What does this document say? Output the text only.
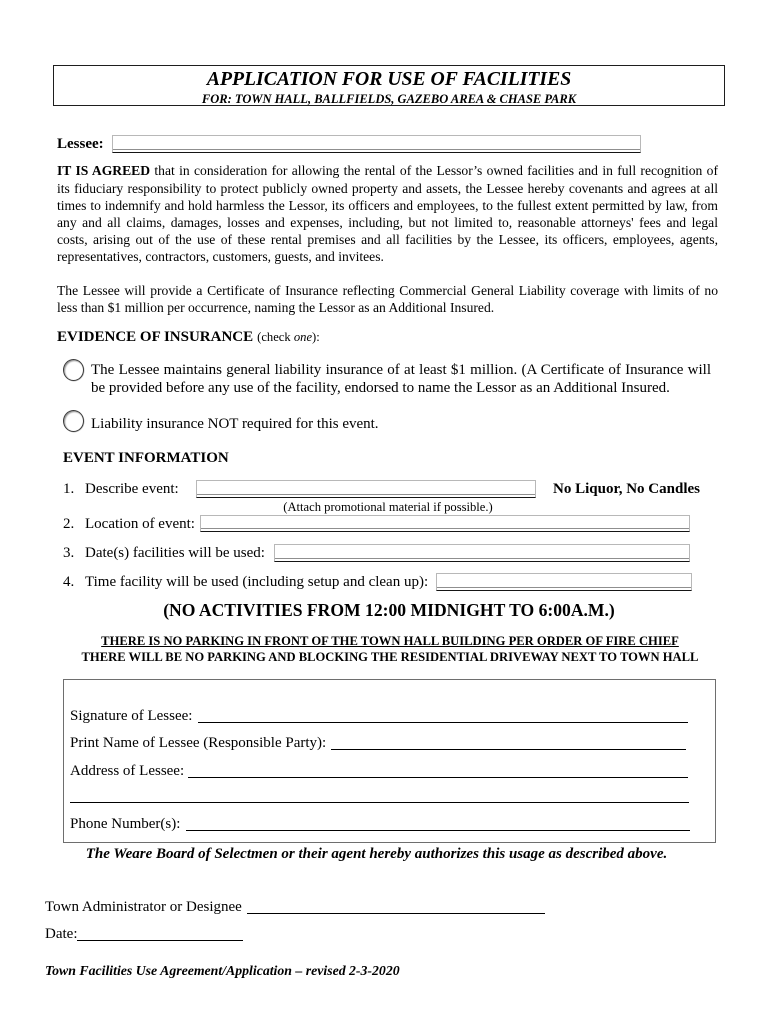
APPLICATION FOR USE OF FACILITIES
FOR: TOWN HALL, BALLFIELDS, GAZEBO AREA & CHASE PARK
Lessee:
IT IS AGREED that in consideration for allowing the rental of the Lessor’s owned facilities and in full recognition of
its fiduciary responsibility to protect publicly owned property and assets, the Lessee hereby covenants and agrees at all
times to indemnify and hold harmless the Lessor, its officers and employees, to the fullest extent permitted by law, from
any and all claims, damages, losses and expenses, including, but not limited to, reasonable attorneys' fees and legal
costs, arising out of the use of these rental premises and all facilities by the Lessee, its officers, employees, agents,
representatives, contractors, customers, guests, and invitees.
The Lessee will provide a Certificate of Insurance reflecting Commercial General Liability coverage with limits of no
less than $1 million per occurrence, naming the Lessor as an Additional Insured.
EVIDENCE OF INSURANCE (check one):
The Lessee maintains general liability insurance of at least $1 million. (A Certificate of Insurance will
be provided before any use of the facility, endorsed to name the Lessor as an Additional Insured.
Liability insurance NOT required for this event.
EVENT INFORMATION
1. Describe event:	No Liquor, No Candles
(Attach promotional material if possible.)
2. Location of event:
3. Date(s) facilities will be used:
4. Time facility will be used (including setup and clean up):
(NO ACTIVITIES FROM 12:00 MIDNIGHT TO 6:00A.M.)
THERE IS NO PARKING IN FRONT OF THE TOWN HALL BUILDING PER ORDER OF FIRE CHIEF
THERE WILL BE NO PARKING AND BLOCKING THE RESIDENTIAL DRIVEWAY NEXT TO TOWN HALL
Signature of Lessee:
Print Name of Lessee (Responsible Party):
Address of Lessee:
Phone Number(s):
The Weare Board of Selectmen or their agent hereby authorizes this usage as described above.
Town Administrator or Designee
Date:
Town Facilities Use Agreement/Application – revised 2-3-2020
